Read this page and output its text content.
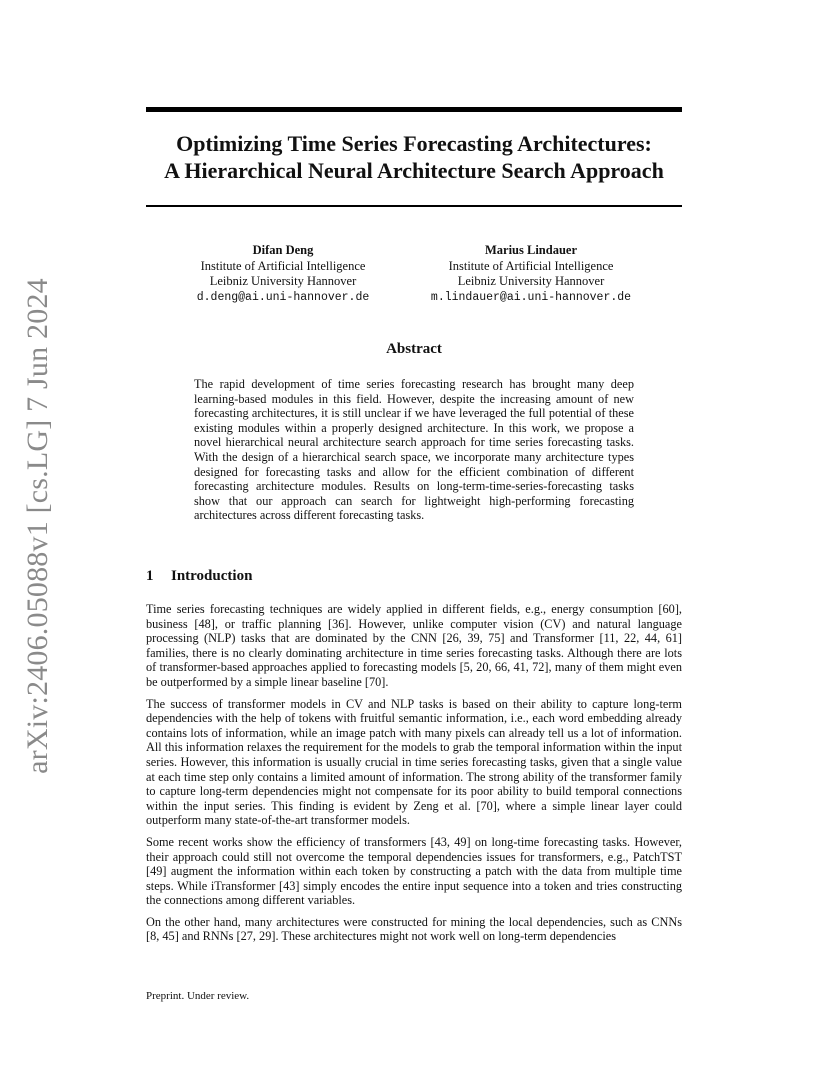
arXiv:2406.05088v1 [cs.LG] 7 Jun 2024
Optimizing Time Series Forecasting Architectures:
A Hierarchical Neural Architecture Search Approach
Difan Deng
Institute of Artificial Intelligence
Leibniz University Hannover
d.deng@ai.uni-hannover.de
Marius Lindauer
Institute of Artificial Intelligence
Leibniz University Hannover
m.lindauer@ai.uni-hannover.de
Abstract
The rapid development of time series forecasting research has brought many deep learning-based modules in this field. However, despite the increasing amount of new forecasting architectures, it is still unclear if we have leveraged the full potential of these existing modules within a properly designed architecture. In this work, we propose a novel hierarchical neural architecture search approach for time series forecasting tasks. With the design of a hierarchical search space, we incorporate many architecture types designed for forecasting tasks and allow for the efficient combination of different forecasting architecture modules. Results on long-term-time-series-forecasting tasks show that our approach can search for lightweight high-performing forecasting architectures across different forecasting tasks.
1 Introduction

Time series forecasting techniques are widely applied in different fields, e.g., energy consumption [60], business [48], or traffic planning [36]. However, unlike computer vision (CV) and natural language processing (NLP) tasks that are dominated by the CNN [26, 39, 75] and Transformer [11, 22, 44, 61] families, there is no clearly dominating architecture in time series forecasting tasks. Although there are lots of transformer-based approaches applied to forecasting models [5, 20, 66, 41, 72], many of them might even be outperformed by a simple linear baseline [70].

The success of transformer models in CV and NLP tasks is based on their ability to capture long-term dependencies with the help of tokens with fruitful semantic information, i.e., each word embedding already contains lots of information, while an image patch with many pixels can already tell us a lot of information. All this information relaxes the requirement for the models to grab the temporal information within the input series. However, this information is usually crucial in time series forecasting tasks, given that a single value at each time step only contains a limited amount of information. The strong ability of the transformer family to capture long-term dependencies might not compensate for its poor ability to build temporal connections within the input series. This finding is evident by Zeng et al. [70], where a simple linear layer could outperform many state-of-the-art transformer models.

Some recent works show the efficiency of transformers [43, 49] on long-time forecasting tasks. However, their approach could still not overcome the temporal dependencies issues for transformers, e.g., PatchTST [49] augment the information within each token by constructing a patch with the data from multiple time steps. While iTransformer [43] simply encodes the entire input sequence into a token and tries constructing the connections among different variables.

On the other hand, many architectures were constructed for mining the local dependencies, such as CNNs [8, 45] and RNNs [27, 29]. These architectures might not work well on long-term dependencies

Preprint. Under review.
